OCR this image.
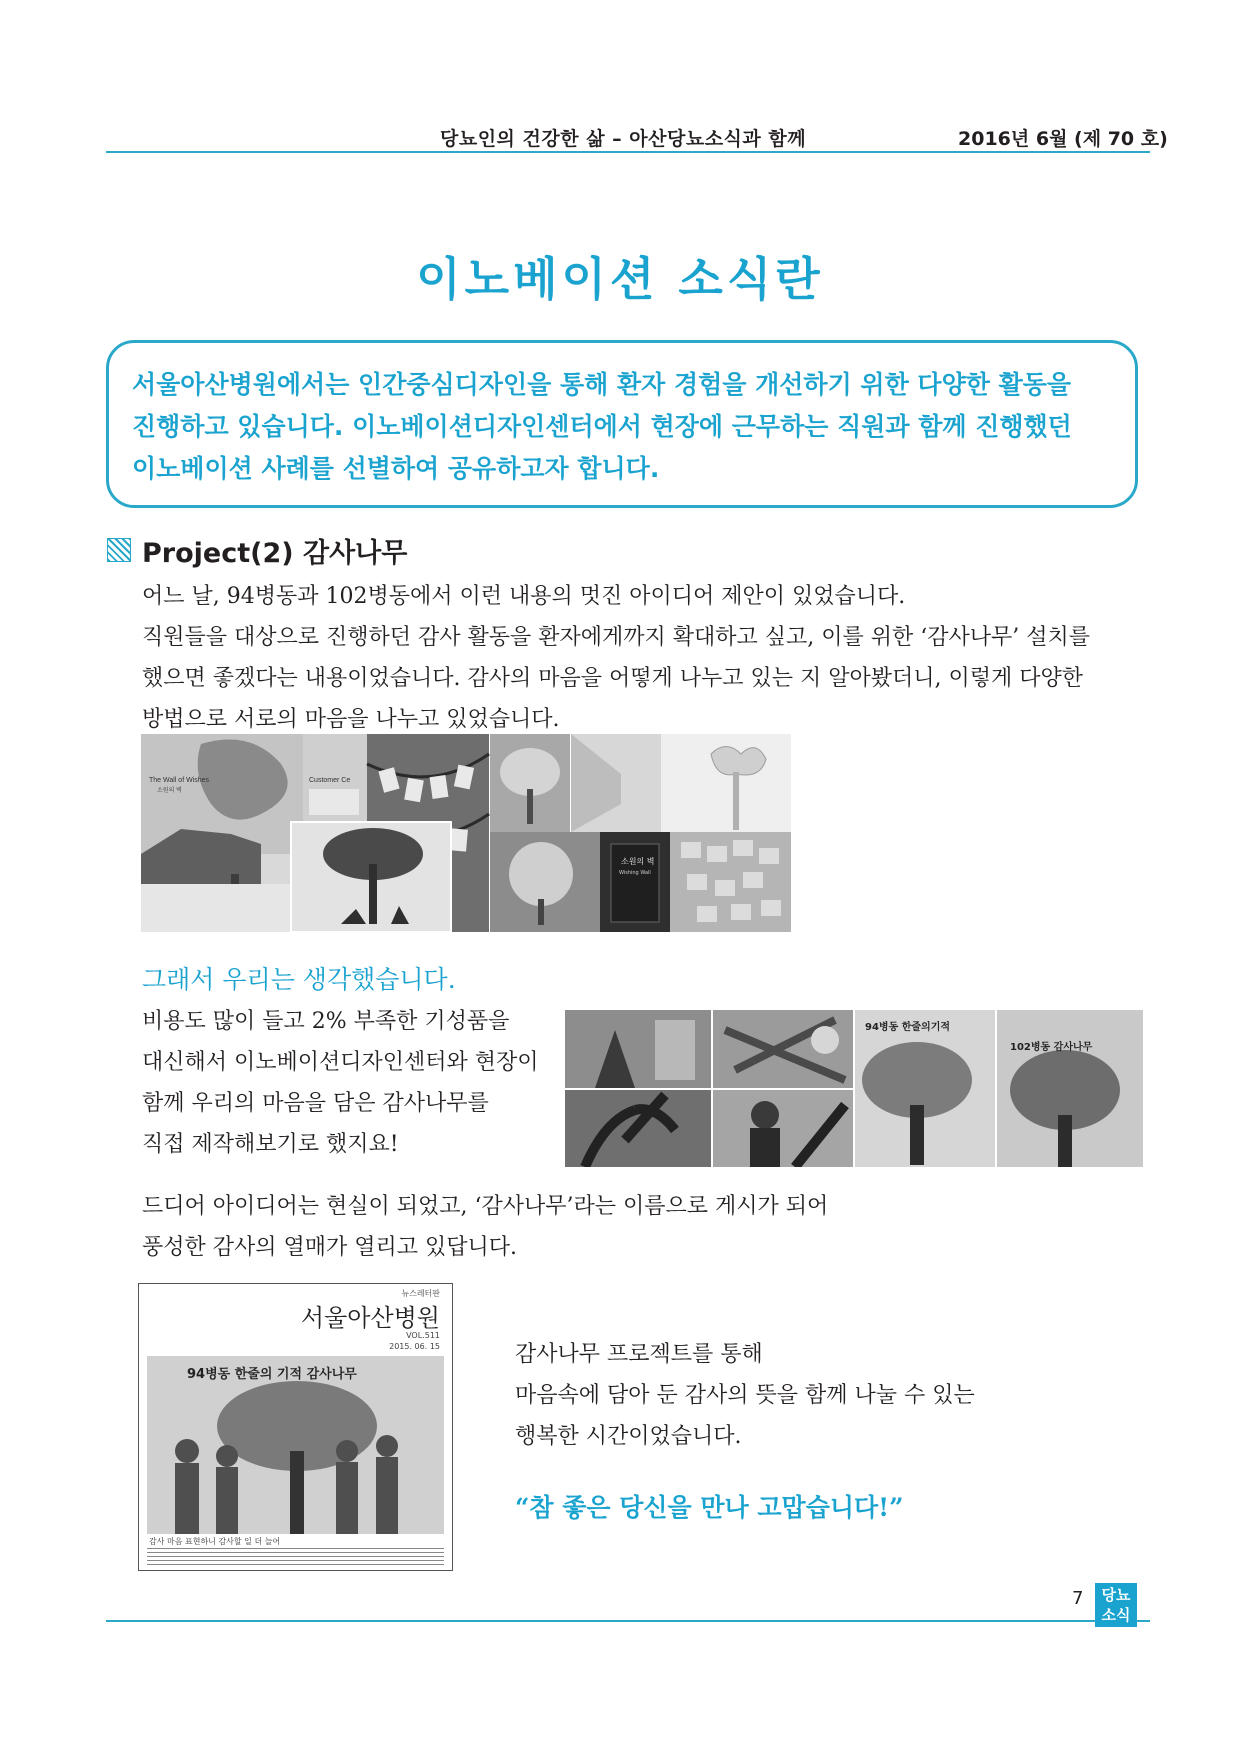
당뇨인의 건강한 삶 – 아산당뇨소식과 함께	2016년 6월 (제 70 호)
이노베이션 소식란
서울아산병원에서는 인간중심디자인을 통해 환자 경험을 개선하기 위한 다양한 활동을
진행하고 있습니다. 이노베이션디자인센터에서 현장에 근무하는 직원과 함께 진행했던
이노베이션 사례를 선별하여 공유하고자 합니다.
Project(2) 감사나무
어느 날, 94병동과 102병동에서 이런 내용의 멋진 아이디어 제안이 있었습니다.
직원들을 대상으로 진행하던 감사 활동을 환자에게까지 확대하고 싶고, 이를 위한 ‘감사나무’ 설치를
했으면 좋겠다는 내용이었습니다. 감사의 마음을 어떻게 나누고 있는 지 알아봤더니, 이렇게 다양한
방법으로 서로의 마음을 나누고 있었습니다.
The Wall of Wishes
소원의 벽
Customer Ce
소원의 벽
Wishing Wall
그래서 우리는 생각했습니다.
비용도 많이 들고 2% 부족한 기성품을
대신해서 이노베이션디자인센터와 현장이
함께 우리의 마음을 담은 감사나무를
직접 제작해보기로 했지요!
94병동 한줄의기적
102병동 감사나무
드디어 아이디어는 현실이 되었고, ‘감사나무’라는 이름으로 게시가 되어
풍성한 감사의 열매가 열리고 있답니다.
뉴스레터판
서울아산병원
VOL.511
2015. 06. 15
94병동 한줄의 기적 감사나무
감사 마음 표현하니 감사할 일 더 늘어
감사나무 프로젝트를 통해
마음속에 담아 둔 감사의 뜻을 함께 나눌 수 있는
행복한 시간이었습니다.
“참 좋은 당신을 만나 고맙습니다!”
7	당뇨
소식
